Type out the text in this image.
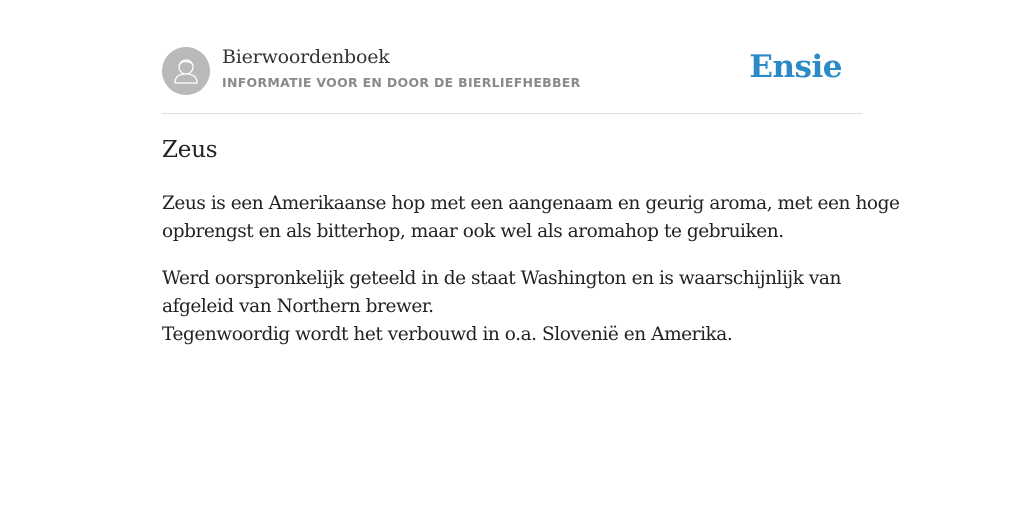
Bierwoordenboek
INFORMATIE VOOR EN DOOR DE BIERLIEFHEBBER	Ensie
Zeus

Zeus is een Amerikaanse hop met een aangenaam en geurig aroma, met een hoge
opbrengst en als bitterhop, maar ook wel als aromahop te gebruiken.

Werd oorspronkelijk geteeld in de staat Washington en is waarschijnlijk van
afgeleid van Northern brewer.
Tegenwoordig wordt het verbouwd in o.a. Slovenië en Amerika.
